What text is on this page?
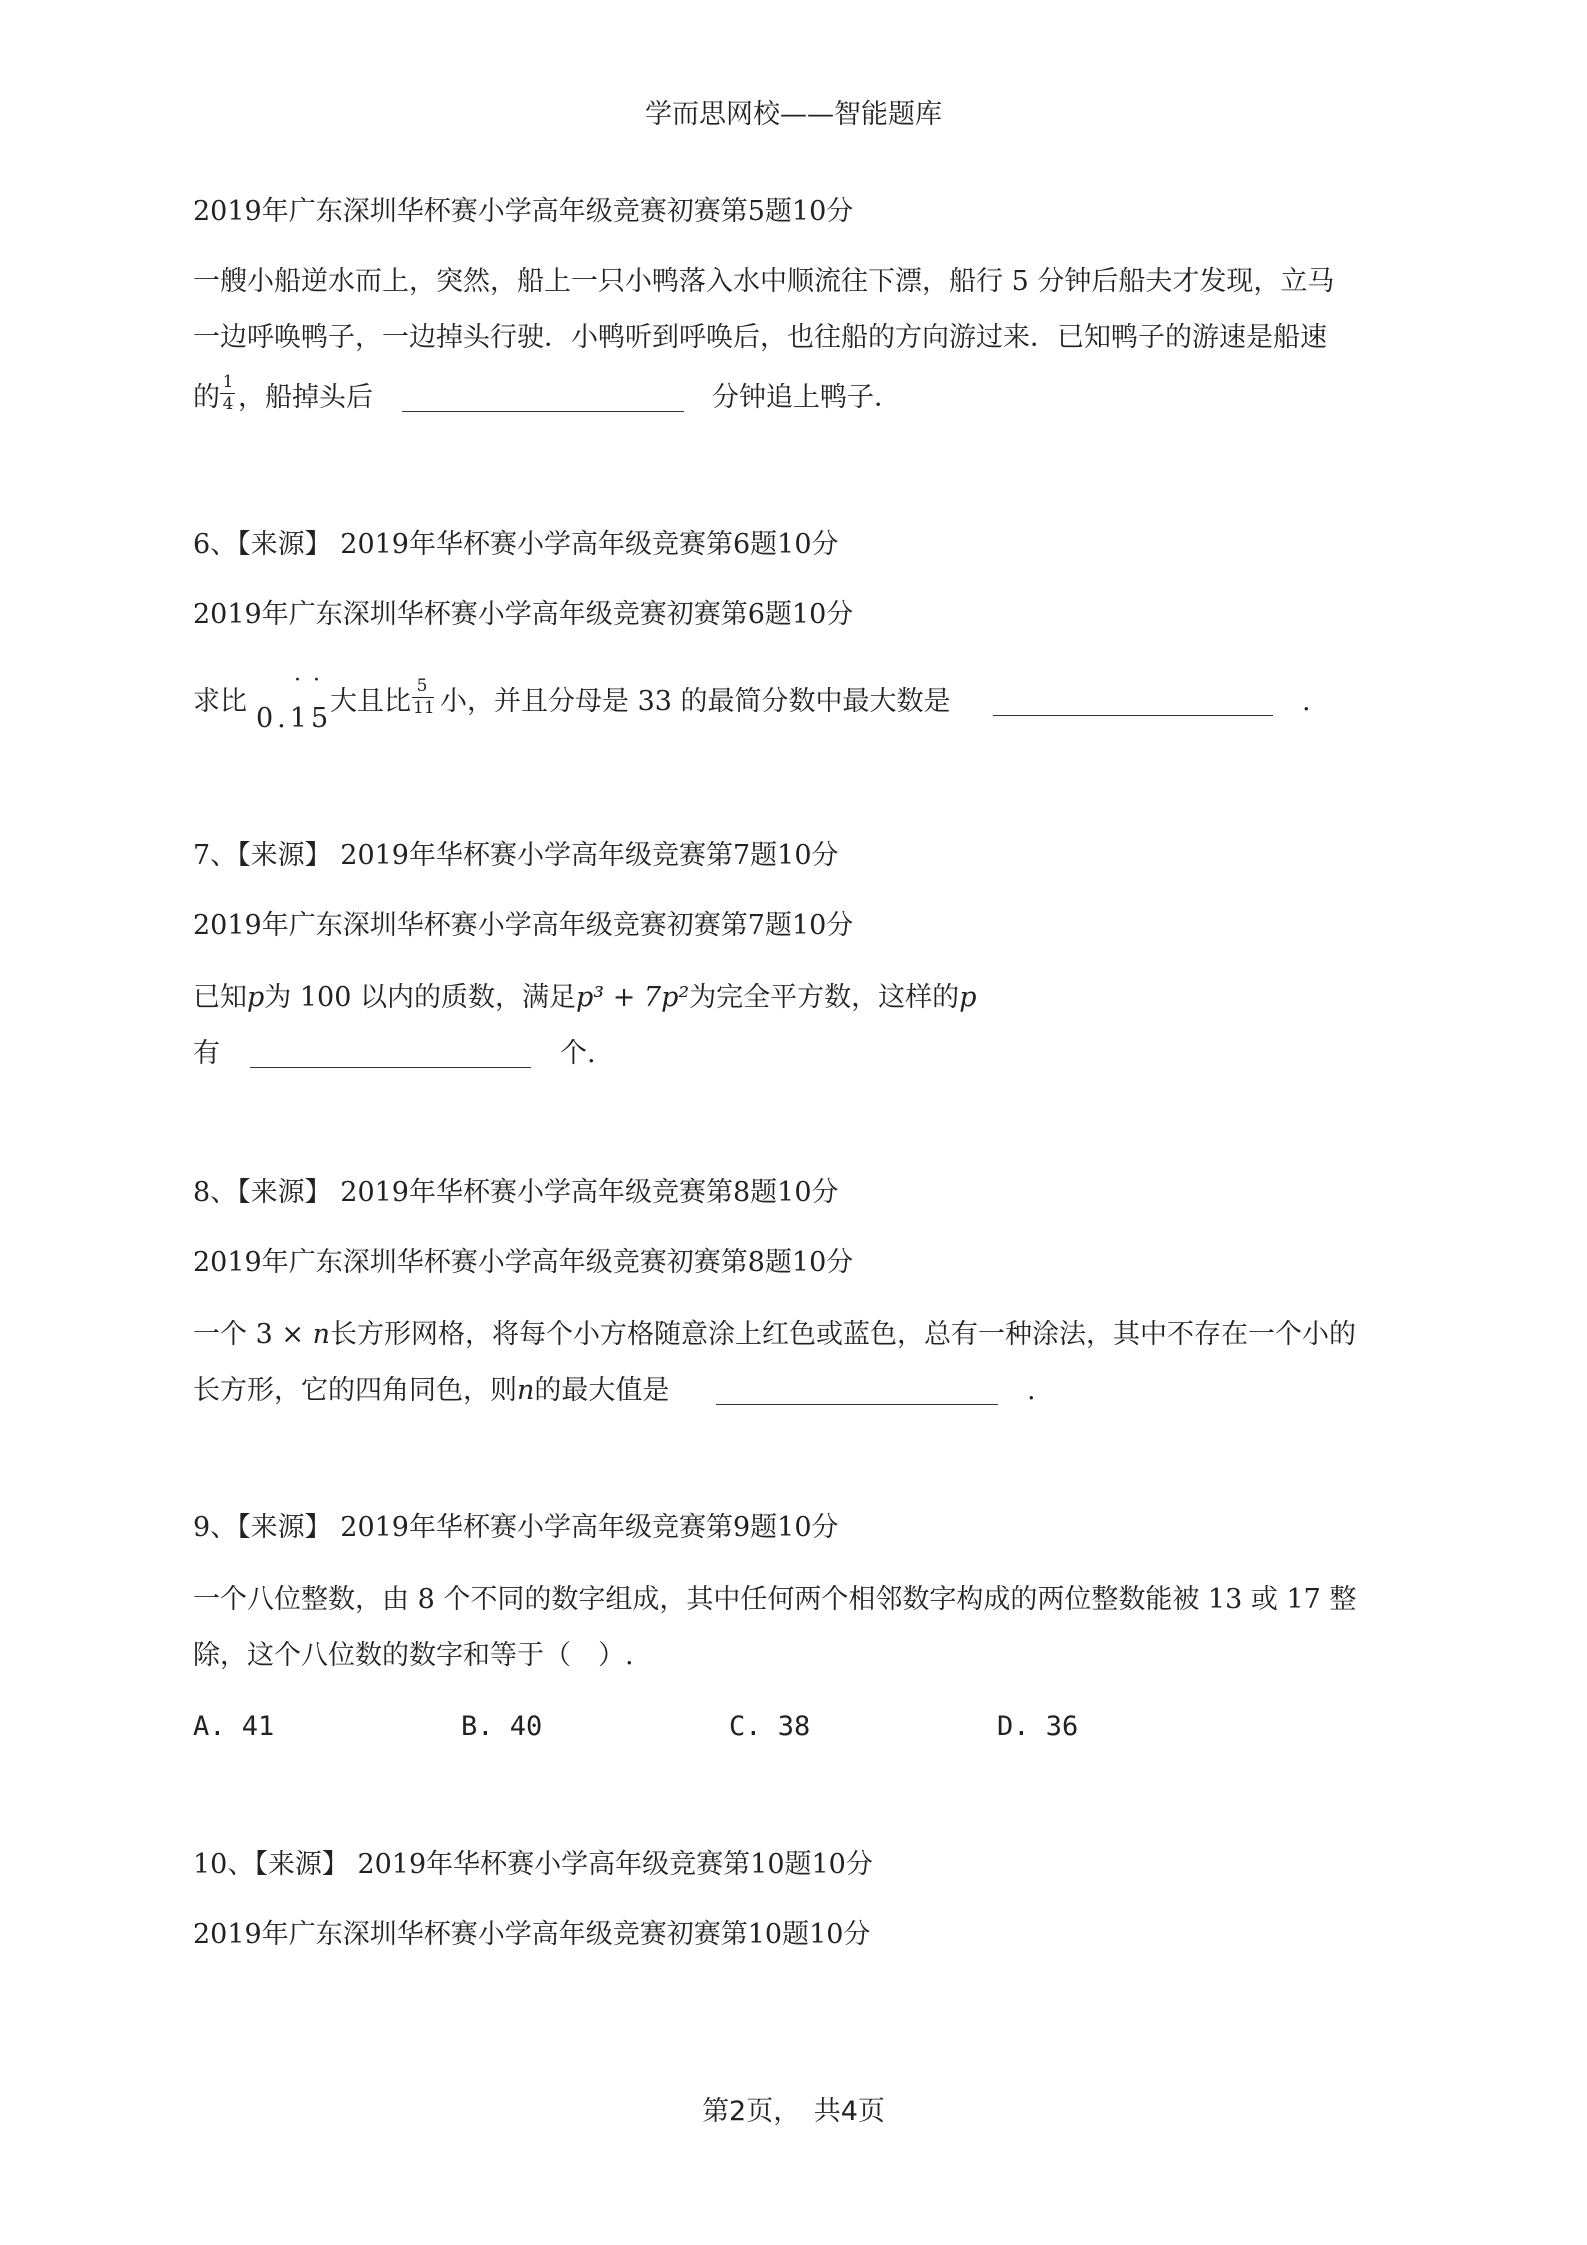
学而思网校——智能题库
2019年广东深圳华杯赛小学高年级竞赛初赛第5题10分
一艘小船逆水而上，突然，船上一只小鸭落入水中顺流往下漂，船行 5 分钟后船夫才发现，立马
一边呼唤鸭子，一边掉头行驶．小鸭听到呼唤后，也往船的方向游过来．已知鸭子的游速是船速
的 1
4 ，船掉头后	分钟追上鸭子．
6、【来源】 2019年华杯赛小学高年级竞赛第6题10分
2019年广东深圳华杯赛小学高年级竞赛初赛第6题10分
求比
· ·
0.15
大且比 5
11 小，并且分母是 33 的最简分数中最大数是	.
7、【来源】 2019年华杯赛小学高年级竞赛第7题10分
2019年广东深圳华杯赛小学高年级竞赛初赛第7题10分
已知p为 100 以内的质数，满足p³ + 7p²为完全平方数，这样的p
有	个.
8、【来源】 2019年华杯赛小学高年级竞赛第8题10分
2019年广东深圳华杯赛小学高年级竞赛初赛第8题10分
一个 3 × n长方形网格，将每个小方格随意涂上红色或蓝色，总有一种涂法，其中不存在一个小的
长方形，它的四角同色，则n的最大值是	.
9、【来源】 2019年华杯赛小学高年级竞赛第9题10分
一个八位整数，由 8 个不同的数字组成，其中任何两个相邻数字构成的两位整数能被 13 或 17 整
除，这个八位数的数字和等于（　）.
A. 41	B. 40	C. 38	D. 36
10、【来源】 2019年华杯赛小学高年级竞赛第10题10分
2019年广东深圳华杯赛小学高年级竞赛初赛第10题10分
第2页，　共4页
